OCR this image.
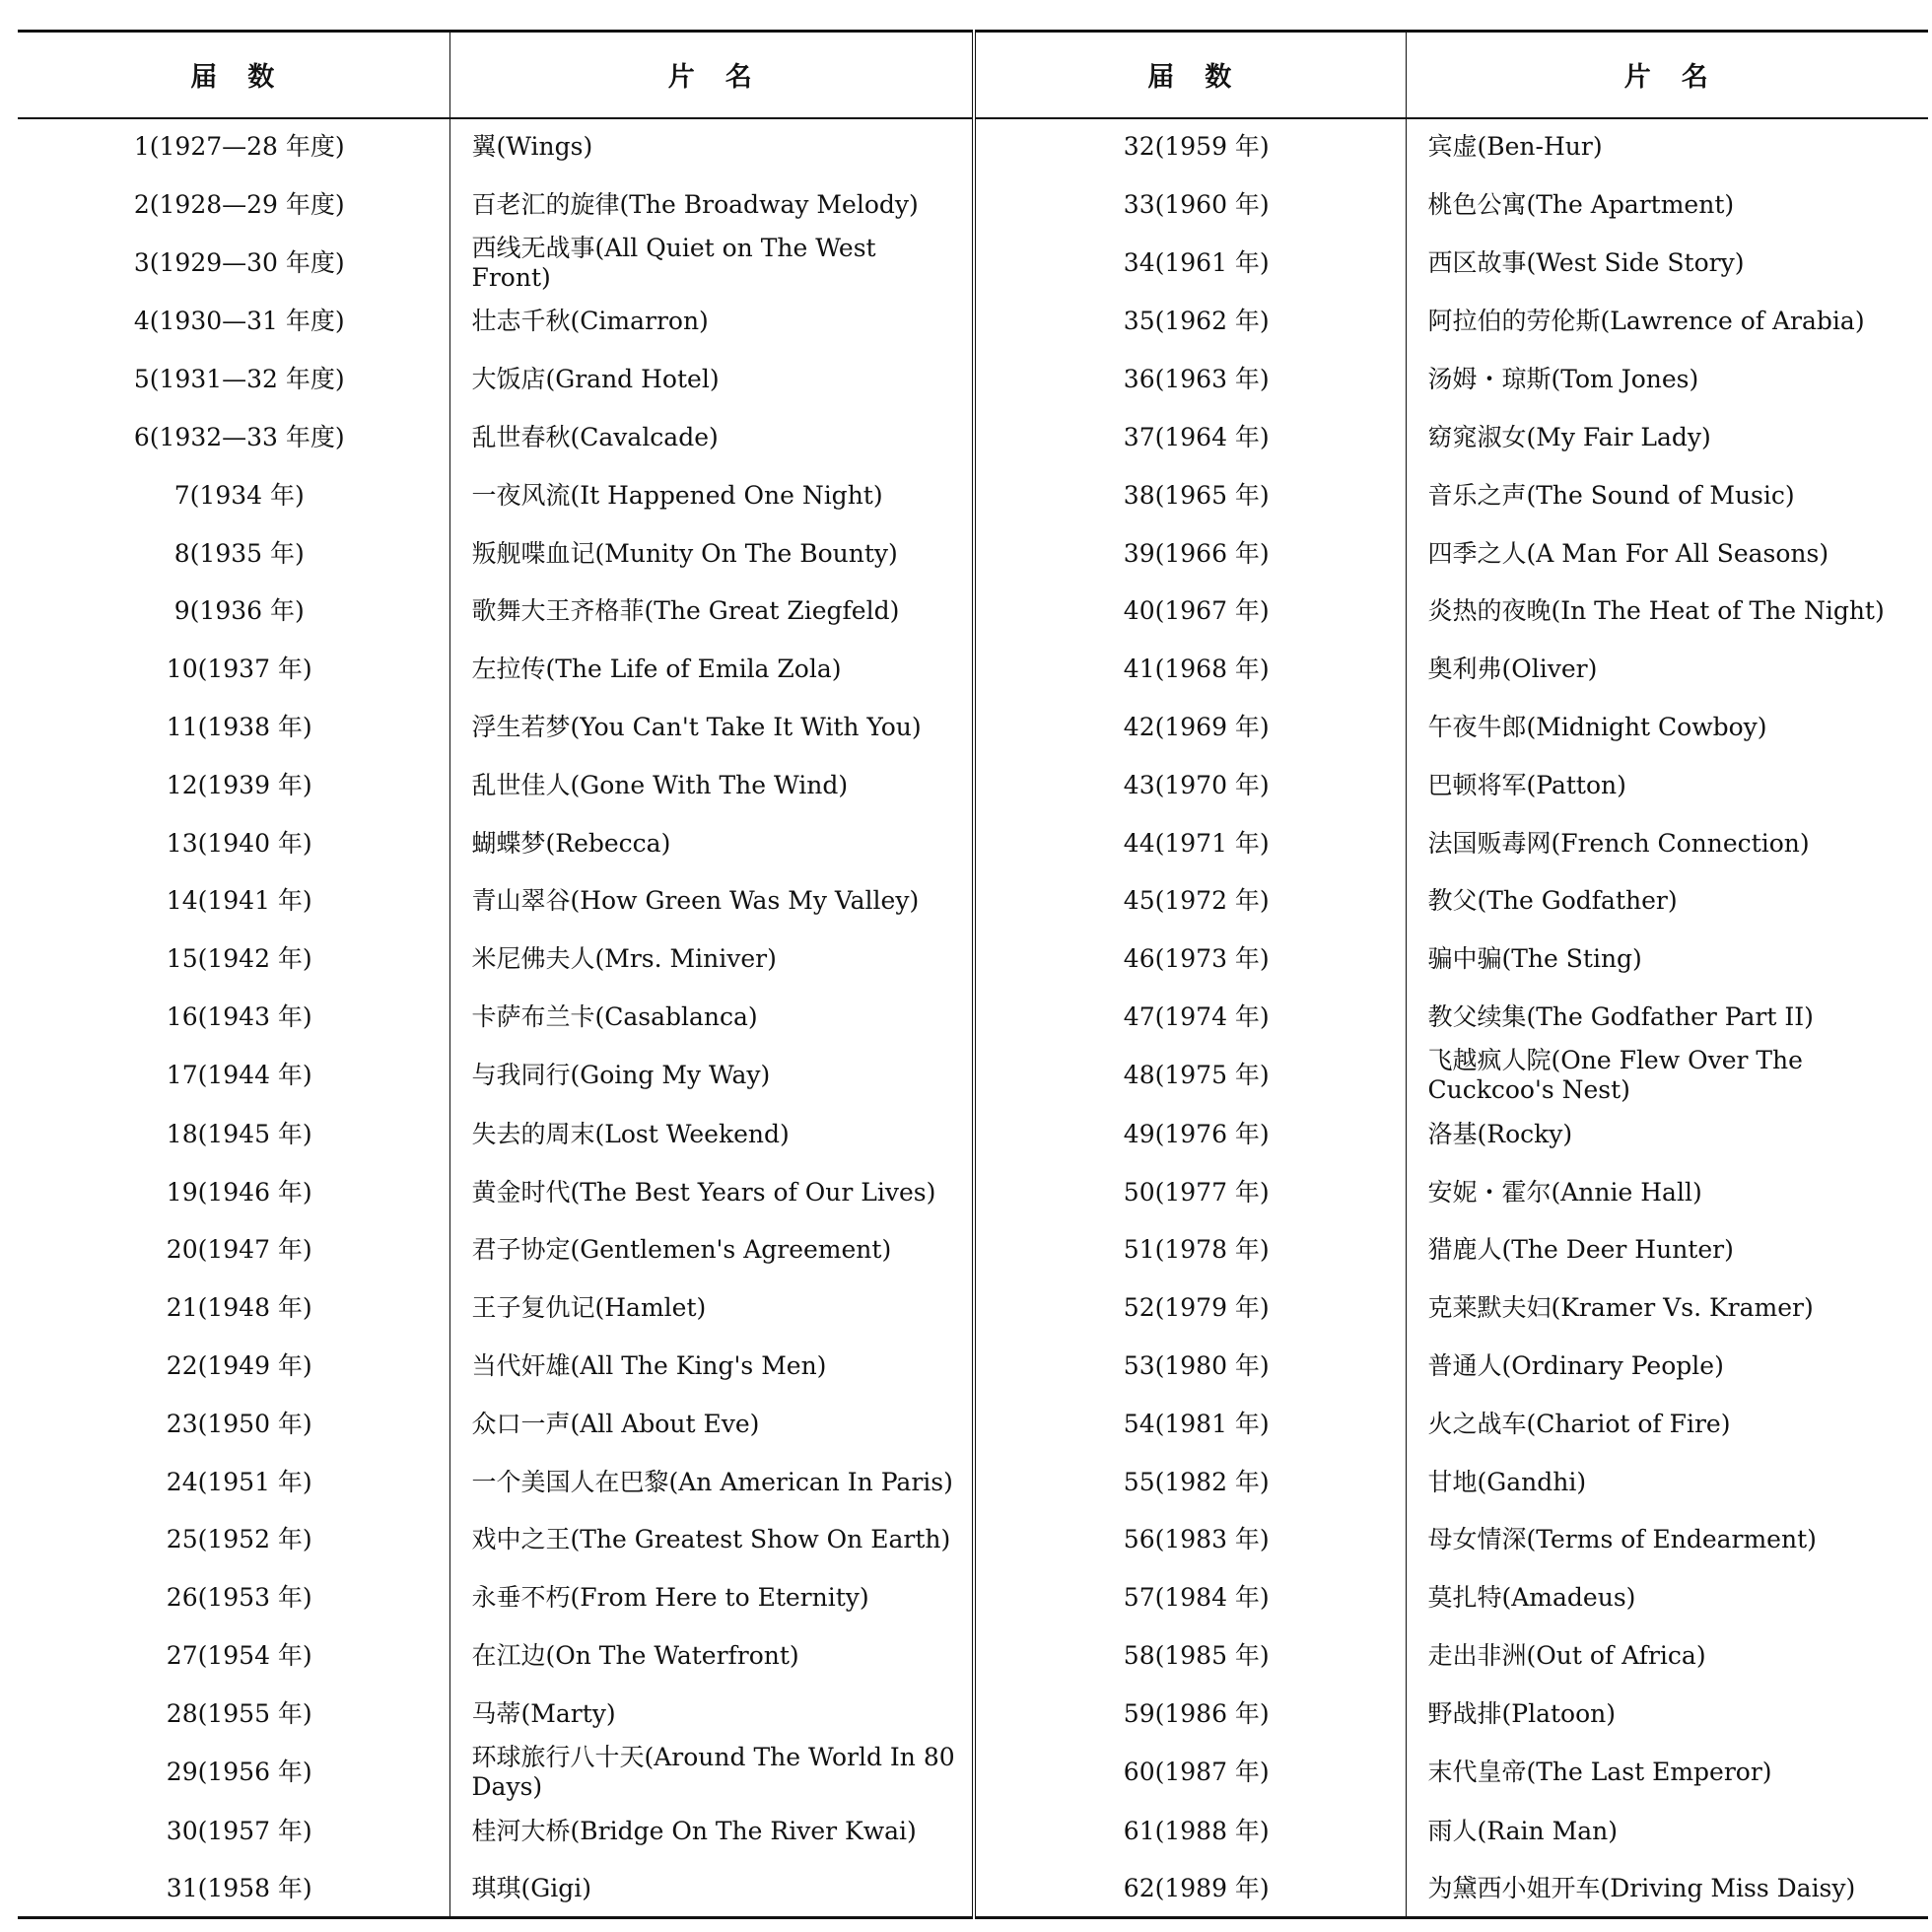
届　数	片　名	届　数	片　名
1(1927—28 年度)	翼(Wings)	32(1959 年)	宾虚(Ben-Hur)
2(1928—29 年度)	百老汇的旋律(The Broadway Melody)	33(1960 年)	桃色公寓(The Apartment)
3(1929—30 年度)	西线无战事(All Quiet on The West Front)	34(1961 年)	西区故事(West Side Story)
4(1930—31 年度)	壮志千秋(Cimarron)	35(1962 年)	阿拉伯的劳伦斯(Lawrence of Arabia)
5(1931—32 年度)	大饭店(Grand Hotel)	36(1963 年)	汤姆・琼斯(Tom Jones)
6(1932—33 年度)	乱世春秋(Cavalcade)	37(1964 年)	窈窕淑女(My Fair Lady)
7(1934 年)	一夜风流(It Happened One Night)	38(1965 年)	音乐之声(The Sound of Music)
8(1935 年)	叛舰喋血记(Munity On The Bounty)	39(1966 年)	四季之人(A Man For All Seasons)
9(1936 年)	歌舞大王齐格菲(The Great Ziegfeld)	40(1967 年)	炎热的夜晚(In The Heat of The Night)
10(1937 年)	左拉传(The Life of Emila Zola)	41(1968 年)	奥利弗(Oliver)
11(1938 年)	浮生若梦(You Can't Take It With You)	42(1969 年)	午夜牛郎(Midnight Cowboy)
12(1939 年)	乱世佳人(Gone With The Wind)	43(1970 年)	巴顿将军(Patton)
13(1940 年)	蝴蝶梦(Rebecca)	44(1971 年)	法国贩毒网(French Connection)
14(1941 年)	青山翠谷(How Green Was My Valley)	45(1972 年)	教父(The Godfather)
15(1942 年)	米尼佛夫人(Mrs. Miniver)	46(1973 年)	骗中骗(The Sting)
16(1943 年)	卡萨布兰卡(Casablanca)	47(1974 年)	教父续集(The Godfather Part II)
17(1944 年)	与我同行(Going My Way)	48(1975 年)	飞越疯人院(One Flew Over The Cuckcoo's Nest)
18(1945 年)	失去的周末(Lost Weekend)	49(1976 年)	洛基(Rocky)
19(1946 年)	黄金时代(The Best Years of Our Lives)	50(1977 年)	安妮・霍尔(Annie Hall)
20(1947 年)	君子协定(Gentlemen's Agreement)	51(1978 年)	猎鹿人(The Deer Hunter)
21(1948 年)	王子复仇记(Hamlet)	52(1979 年)	克莱默夫妇(Kramer Vs. Kramer)
22(1949 年)	当代奸雄(All The King's Men)	53(1980 年)	普通人(Ordinary People)
23(1950 年)	众口一声(All About Eve)	54(1981 年)	火之战车(Chariot of Fire)
24(1951 年)	一个美国人在巴黎(An American In Paris)	55(1982 年)	甘地(Gandhi)
25(1952 年)	戏中之王(The Greatest Show On Earth)	56(1983 年)	母女情深(Terms of Endearment)
26(1953 年)	永垂不朽(From Here to Eternity)	57(1984 年)	莫扎特(Amadeus)
27(1954 年)	在江边(On The Waterfront)	58(1985 年)	走出非洲(Out of Africa)
28(1955 年)	马蒂(Marty)	59(1986 年)	野战排(Platoon)
29(1956 年)	环球旅行八十天(Around The World In 80 Days)	60(1987 年)	末代皇帝(The Last Emperor)
30(1957 年)	桂河大桥(Bridge On The River Kwai)	61(1988 年)	雨人(Rain Man)
31(1958 年)	琪琪(Gigi)	62(1989 年)	为黛西小姐开车(Driving Miss Daisy)
